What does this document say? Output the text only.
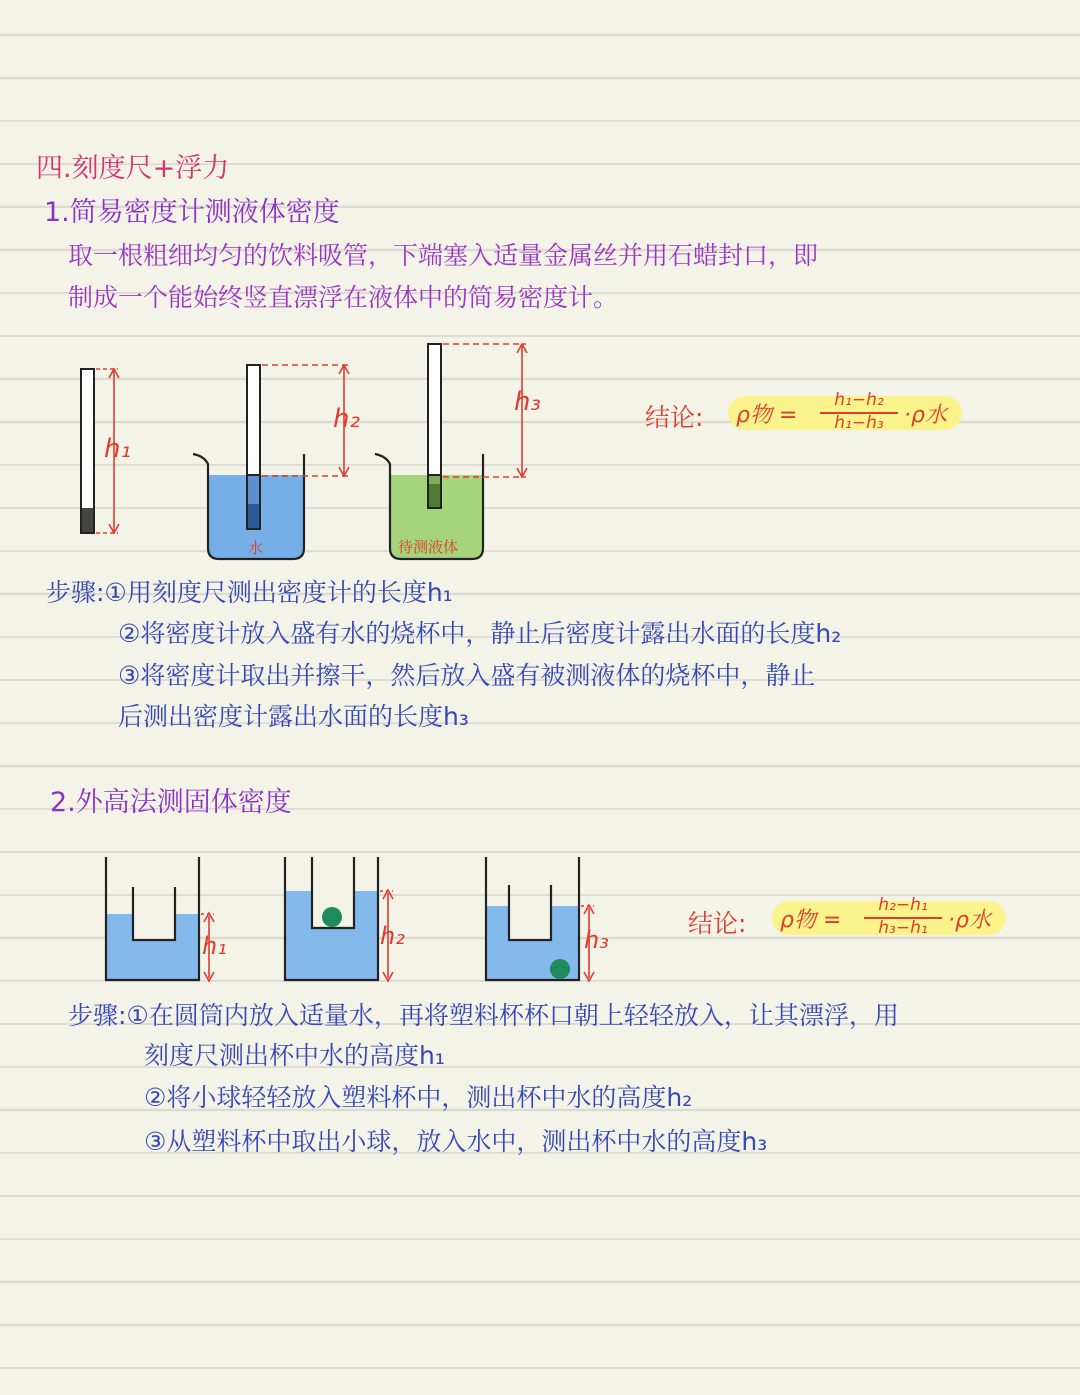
四.刻度尺+浮力
1.简易密度计测液体密度
取一根粗细均匀的饮料吸管，下端塞入适量金属丝并用石蜡封口，即
制成一个能始终竖直漂浮在液体中的简易密度计。
h₁
h₂
h₃
水	待测液体
结论: ρ物 =
h₁−h₂
h₁−h₃ ·ρ水
步骤:①用刻度尺测出密度计的长度h₁
②将密度计放入盛有水的烧杯中，静止后密度计露出水面的长度h₂
③将密度计取出并擦干，然后放入盛有被测液体的烧杯中，静止
后测出密度计露出水面的长度h₃
2.外高法测固体密度
h₁	h₂	h₃
结论: ρ物 =
h₂−h₁
h₃−h₁ ·ρ水
步骤:①在圆筒内放入适量水，再将塑料杯杯口朝上轻轻放入，让其漂浮，用
刻度尺测出杯中水的高度h₁
②将小球轻轻放入塑料杯中，测出杯中水的高度h₂
③从塑料杯中取出小球，放入水中，测出杯中水的高度h₃
